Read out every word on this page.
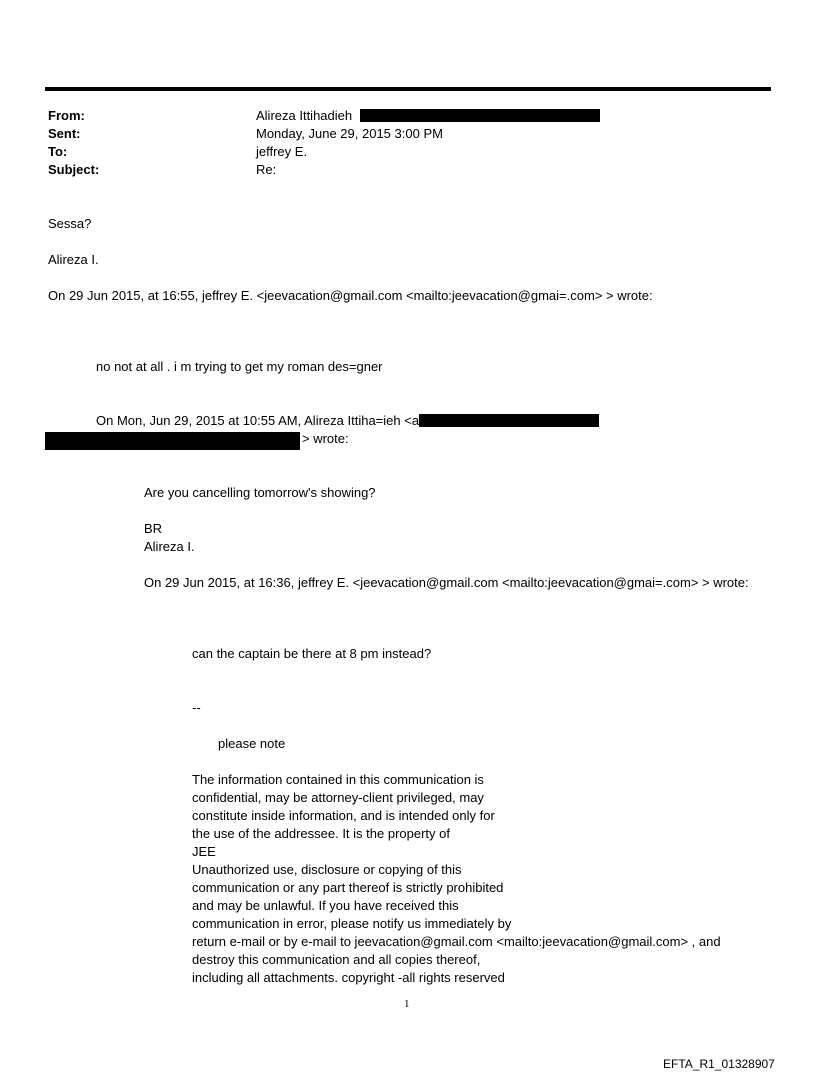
From:	Alireza Ittihadieh
Sent:	Monday, June 29, 2015 3:00 PM
To:	jeffrey E.
Subject:	Re:
Sessa?
Alireza I.
On 29 Jun 2015, at 16:55, jeffrey E. <jeevacation@gmail.com <mailto:jeevacation@gmai=.com> > wrote:
no not at all . i m trying to get my roman des=gner
On Mon, Jun 29, 2015 at 10:55 AM, Alireza Ittiha=ieh <a
> wrote:
Are you cancelling tomorrow's showing?
BR
Alireza I.
On 29 Jun 2015, at 16:36, jeffrey E. <jeevacation@gmail.com <mailto:jeevacation@gmai=.com> > wrote:
can the captain be there at 8 pm instead?
--
please note
The information contained in this communication is
confidential, may be attorney-client privileged, may
constitute inside information, and is intended only for
the use of the addressee. It is the property of
JEE
Unauthorized use, disclosure or copying of this
communication or any part thereof is strictly prohibited
and may be unlawful. If you have received this
communication in error, please notify us immediately by
return e-mail or by e-mail to jeevacation@gmail.com <mailto:jeevacation@gmail.com> , and
destroy this communication and all copies thereof,
including all attachments. copyright -all rights reserved
1
EFTA_R1_01328907
